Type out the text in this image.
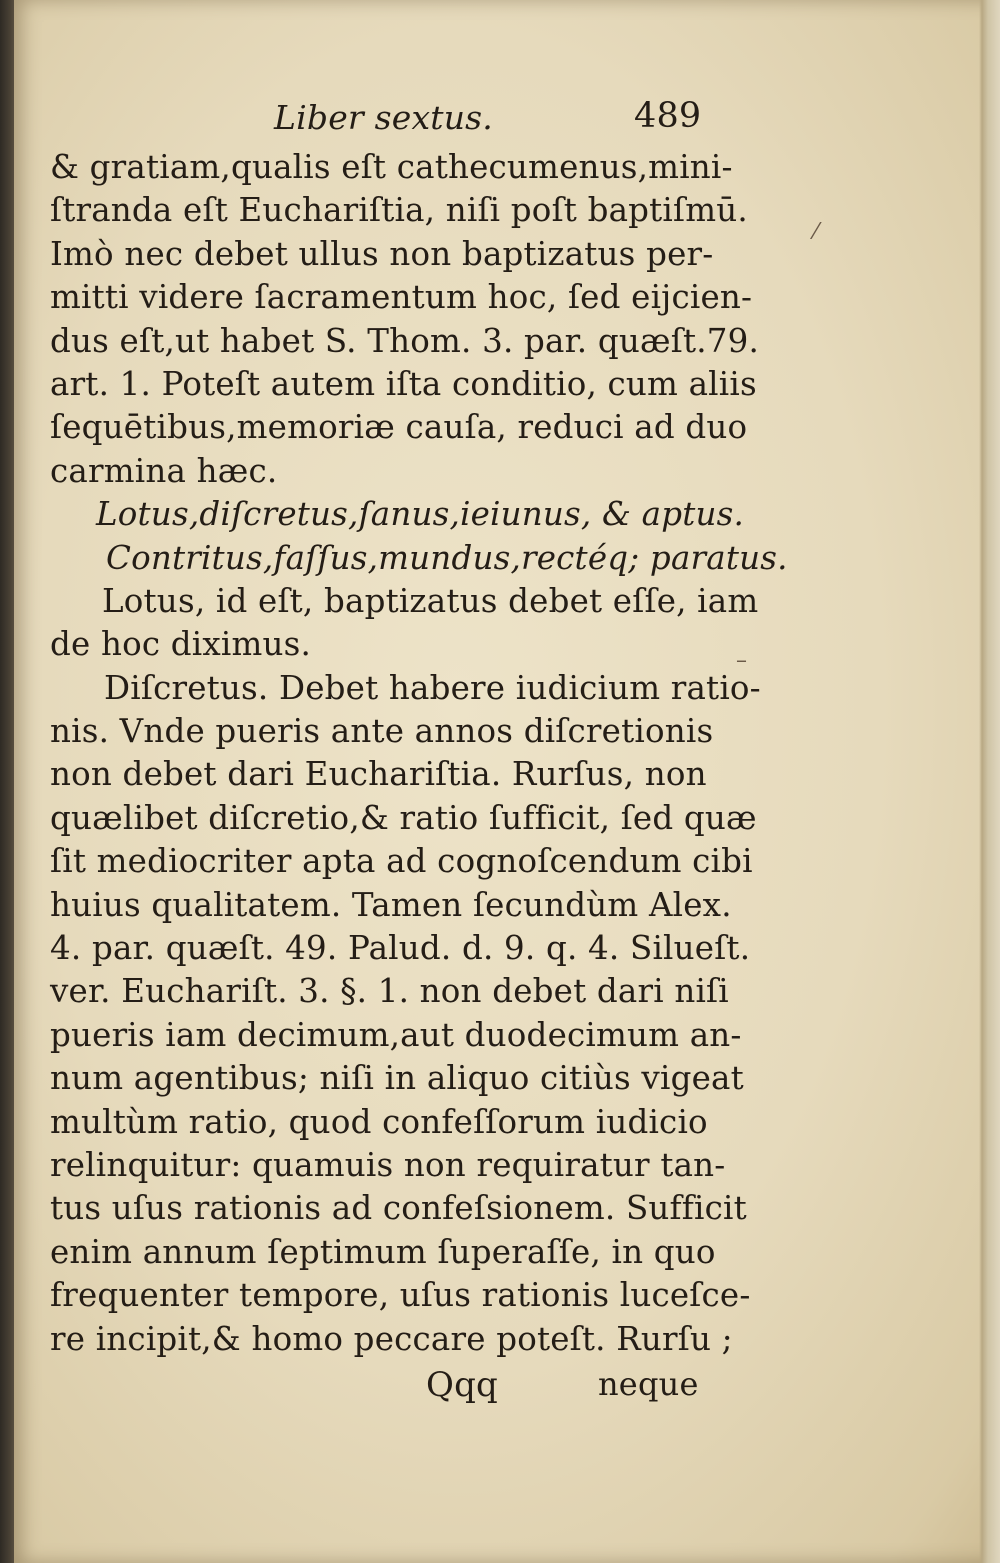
⁄
–
Liber sextus.	489
& gratiam,qualis eſt cathecumenus,mini-
ſtranda eſt Euchariſtia, niſi poſt baptiſmū.
Imò nec debet ullus non baptizatus per-
mitti videre ſacramentum hoc, ſed eijcien-
dus eſt,ut habet S. Thom. 3. par. quæſt.79.
art. 1. Poteſt autem iſta conditio, cum aliis
ſequētibus,memoriæ cauſa, reduci ad duo
carmina hæc.
Lotus,diſcretus,ſanus,ieiunus, & aptus.
Contritus,faſſus,mundus,rectéq; paratus.
Lotus, id eſt, baptizatus debet eſſe, iam
de hoc diximus.
Diſcretus. Debet habere iudicium ratio-
nis. Vnde pueris ante annos diſcretionis
non debet dari Euchariſtia. Rurſus, non
quælibet diſcretio,& ratio ſufficit, ſed quæ
ſit mediocriter apta ad cognoſcendum cibi
huius qualitatem. Tamen ſecundùm Alex.
4. par. quæſt. 49. Palud. d. 9. q. 4. Silueſt.
ver. Euchariſt. 3. §. 1. non debet dari niſi
pueris iam decimum,aut duodecimum an-
num agentibus; niſi in aliquo citiùs vigeat
multùm ratio, quod confeſſorum iudicio
relinquitur: quamuis non requiratur tan-
tus uſus rationis ad confeſsionem. Sufficit
enim annum ſeptimum ſuperaſſe, in quo
frequenter tempore, uſus rationis luceſce-
re incipit,& homo peccare poteſt. Rurſu ;
Qqq	neque
